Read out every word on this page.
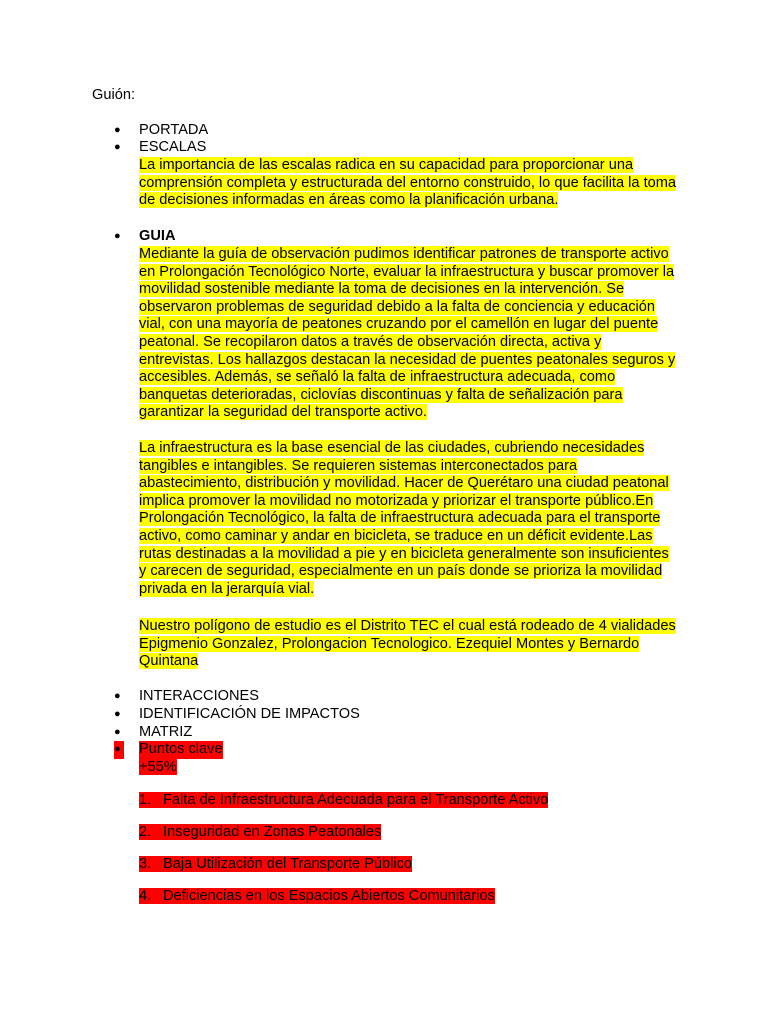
Guión:
● PORTADA
● ESCALAS
La importancia de las escalas radica en su capacidad para proporcionar una comprensión completa y estructurada del entorno construido, lo que facilita la toma de decisiones informadas en áreas como la planificación urbana.
● GUIA
Mediante la guía de observación pudimos identificar patrones de transporte activo en Prolongación Tecnológico Norte, evaluar la infraestructura y buscar promover la movilidad sostenible mediante la toma de decisiones en la intervención. Se observaron problemas de seguridad debido a la falta de conciencia y educación vial, con una mayoría de peatones cruzando por el camellón en lugar del puente peatonal. Se recopilaron datos a través de observación directa, activa y entrevistas. Los hallazgos destacan la necesidad de puentes peatonales seguros y accesibles. Además, se señaló la falta de infraestructura adecuada, como banquetas deterioradas, ciclovías discontinuas y falta de señalización para garantizar la seguridad del transporte activo.
La infraestructura es la base esencial de las ciudades, cubriendo necesidades tangibles e intangibles. Se requieren sistemas interconectados para abastecimiento, distribución y movilidad. Hacer de Querétaro una ciudad peatonal implica promover la movilidad no motorizada y priorizar el transporte público.En Prolongación Tecnológico, la falta de infraestructura adecuada para el transporte activo, como caminar y andar en bicicleta, se traduce en un déficit evidente.Las rutas destinadas a la movilidad a pie y en bicicleta generalmente son insuficientes y carecen de seguridad, especialmente en un país donde se prioriza la movilidad privada en la jerarquía vial.
Nuestro polígono de estudio es el Distrito TEC el cual está rodeado de 4 vialidades Epigmenio Gonzalez, Prolongacion Tecnologico. Ezequiel Montes y Bernardo Quintana
● INTERACCIONES
● IDENTIFICACIÓN DE IMPACTOS
● MATRIZ
● Puntos clave
+55%
1. Falta de Infraestructura Adecuada para el Transporte Activo
2. Inseguridad en Zonas Peatonales
3. Baja Utilización del Transporte Público
4. Deficiencias en los Espacios Abiertos Comunitarios
